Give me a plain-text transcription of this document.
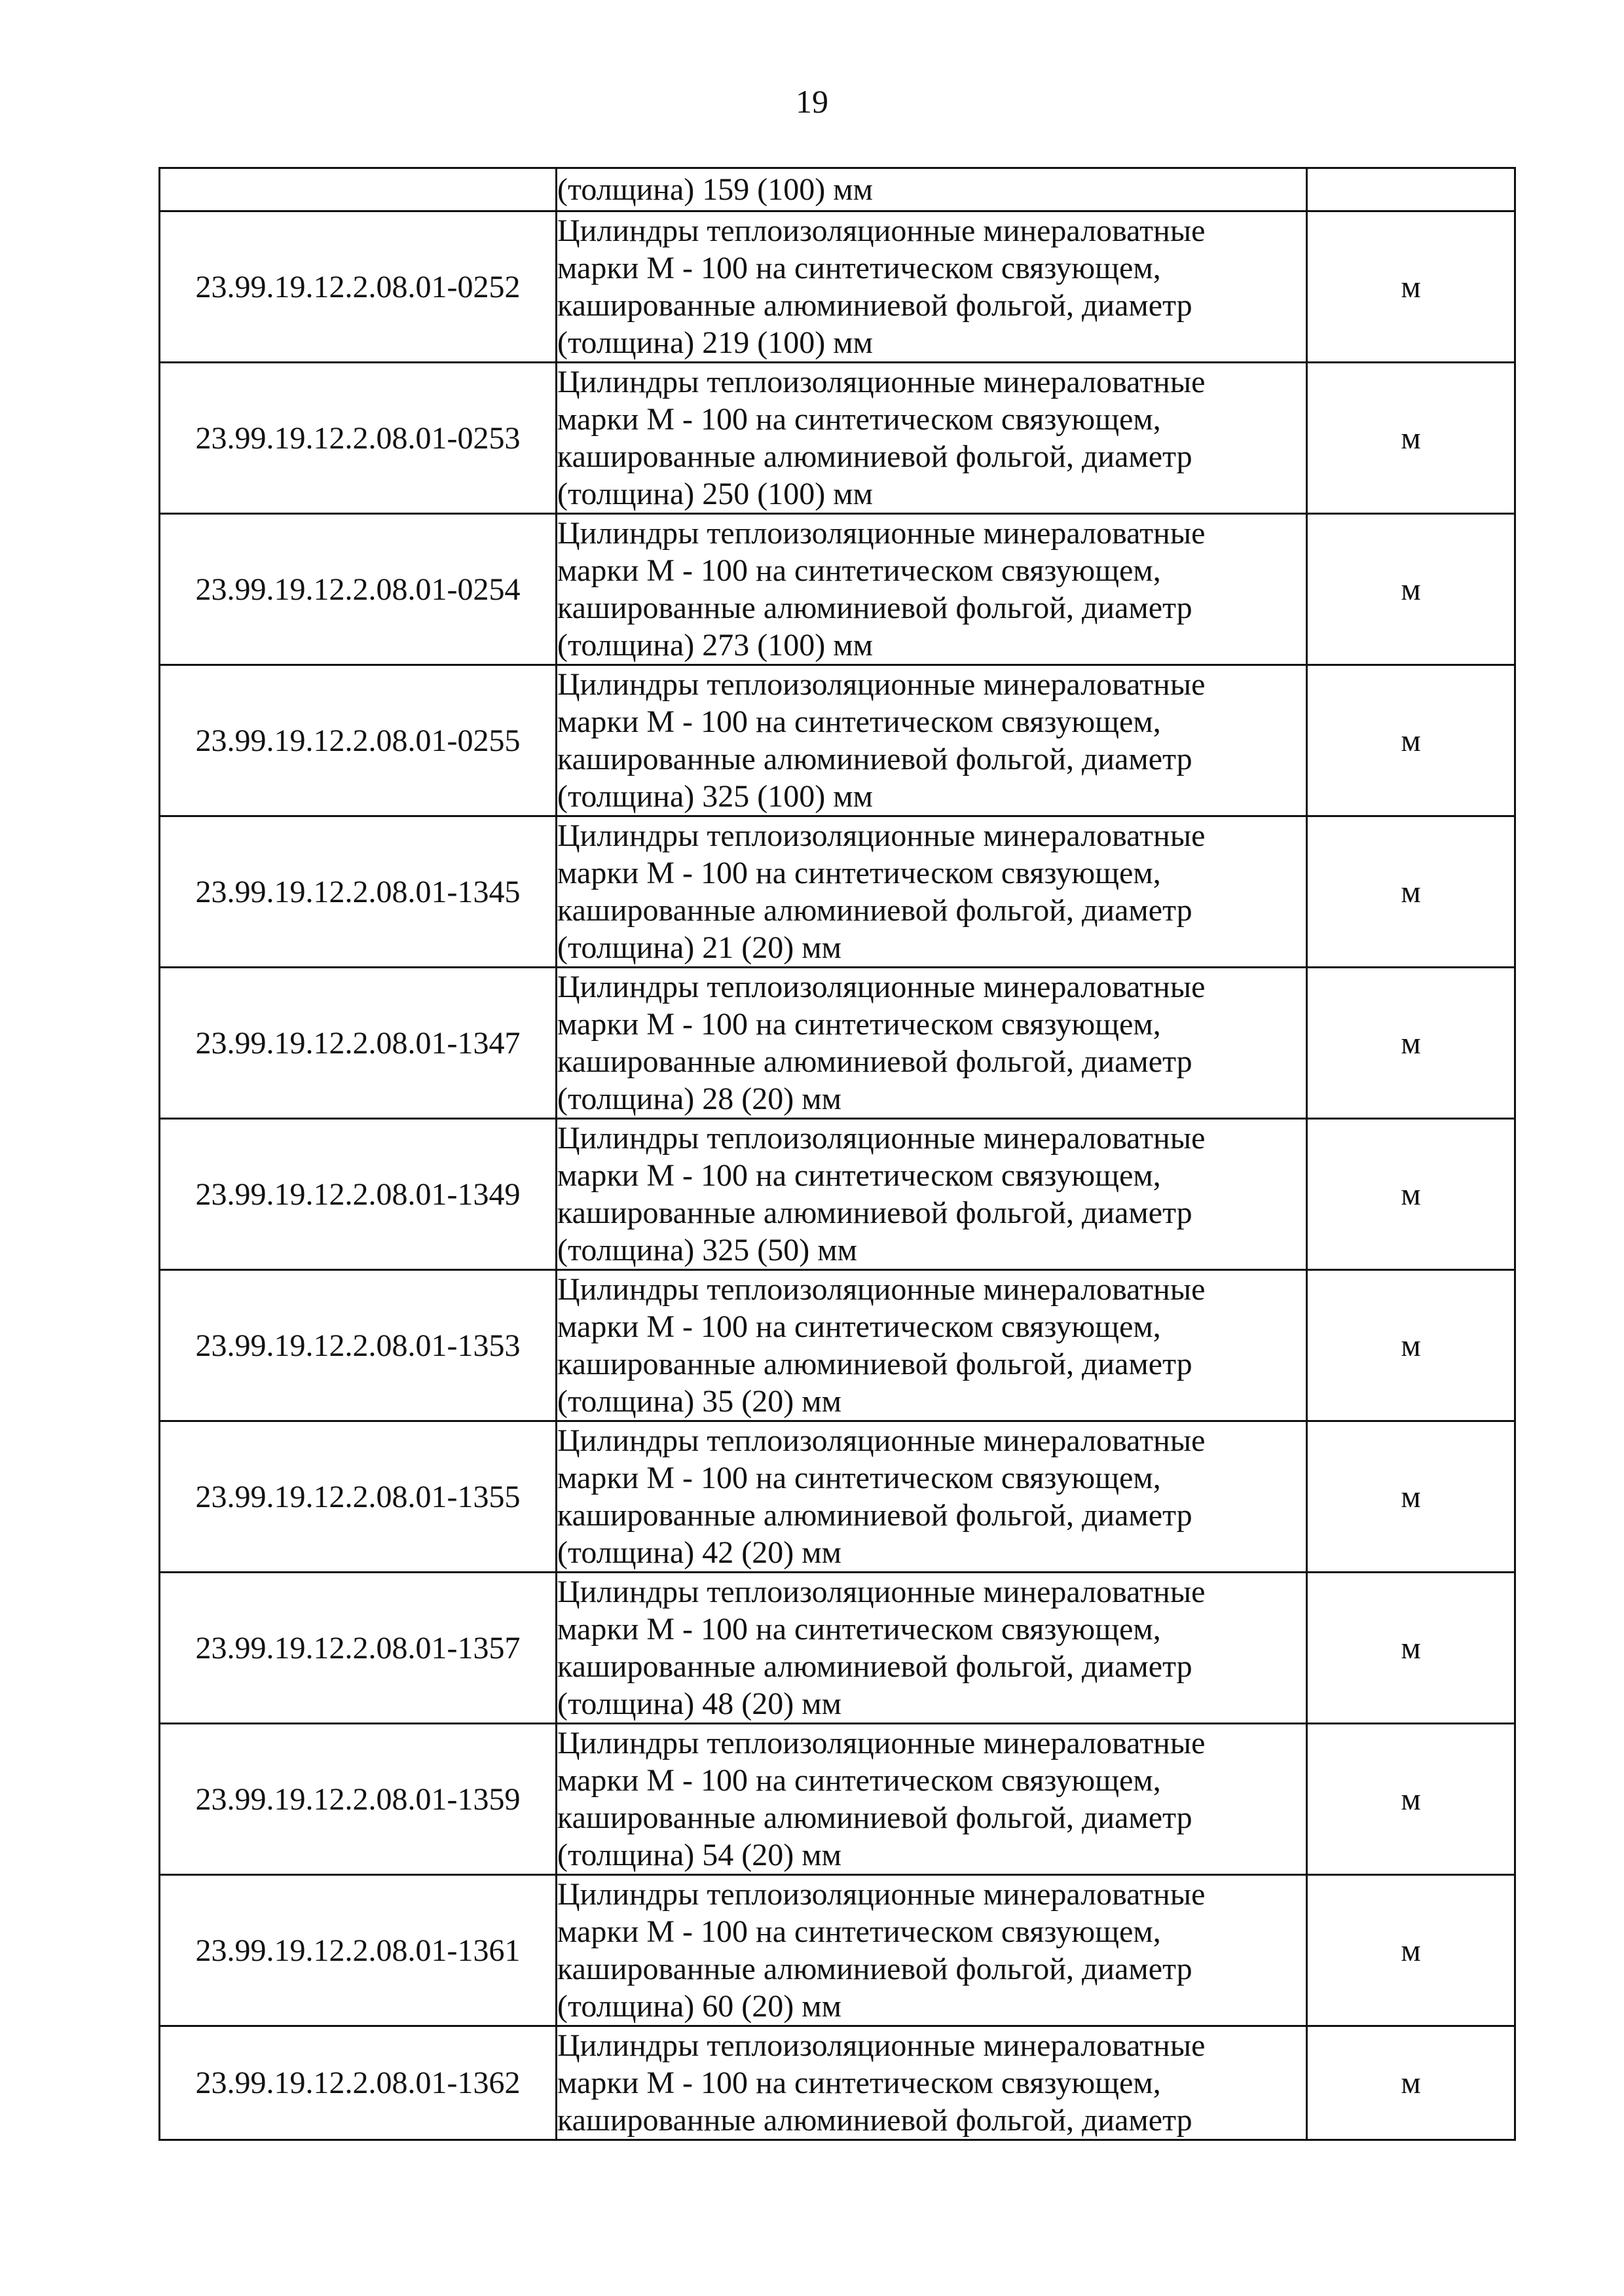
19
	(толщина) 159 (100) мм	
23.99.19.12.2.08.01-0252	Цилиндры теплоизоляционные минераловатные
марки М - 100 на синтетическом связующем,
кашированные алюминиевой фольгой, диаметр
(толщина) 219 (100) мм	м
23.99.19.12.2.08.01-0253	Цилиндры теплоизоляционные минераловатные
марки М - 100 на синтетическом связующем,
кашированные алюминиевой фольгой, диаметр
(толщина) 250 (100) мм	м
23.99.19.12.2.08.01-0254	Цилиндры теплоизоляционные минераловатные
марки М - 100 на синтетическом связующем,
кашированные алюминиевой фольгой, диаметр
(толщина) 273 (100) мм	м
23.99.19.12.2.08.01-0255	Цилиндры теплоизоляционные минераловатные
марки М - 100 на синтетическом связующем,
кашированные алюминиевой фольгой, диаметр
(толщина) 325 (100) мм	м
23.99.19.12.2.08.01-1345	Цилиндры теплоизоляционные минераловатные
марки М - 100 на синтетическом связующем,
кашированные алюминиевой фольгой, диаметр
(толщина) 21 (20) мм	м
23.99.19.12.2.08.01-1347	Цилиндры теплоизоляционные минераловатные
марки М - 100 на синтетическом связующем,
кашированные алюминиевой фольгой, диаметр
(толщина) 28 (20) мм	м
23.99.19.12.2.08.01-1349	Цилиндры теплоизоляционные минераловатные
марки М - 100 на синтетическом связующем,
кашированные алюминиевой фольгой, диаметр
(толщина) 325 (50) мм	м
23.99.19.12.2.08.01-1353	Цилиндры теплоизоляционные минераловатные
марки М - 100 на синтетическом связующем,
кашированные алюминиевой фольгой, диаметр
(толщина) 35 (20) мм	м
23.99.19.12.2.08.01-1355	Цилиндры теплоизоляционные минераловатные
марки М - 100 на синтетическом связующем,
кашированные алюминиевой фольгой, диаметр
(толщина) 42 (20) мм	м
23.99.19.12.2.08.01-1357	Цилиндры теплоизоляционные минераловатные
марки М - 100 на синтетическом связующем,
кашированные алюминиевой фольгой, диаметр
(толщина) 48 (20) мм	м
23.99.19.12.2.08.01-1359	Цилиндры теплоизоляционные минераловатные
марки М - 100 на синтетическом связующем,
кашированные алюминиевой фольгой, диаметр
(толщина) 54 (20) мм	м
23.99.19.12.2.08.01-1361	Цилиндры теплоизоляционные минераловатные
марки М - 100 на синтетическом связующем,
кашированные алюминиевой фольгой, диаметр
(толщина) 60 (20) мм	м
23.99.19.12.2.08.01-1362	Цилиндры теплоизоляционные минераловатные
марки М - 100 на синтетическом связующем,
кашированные алюминиевой фольгой, диаметр	м
